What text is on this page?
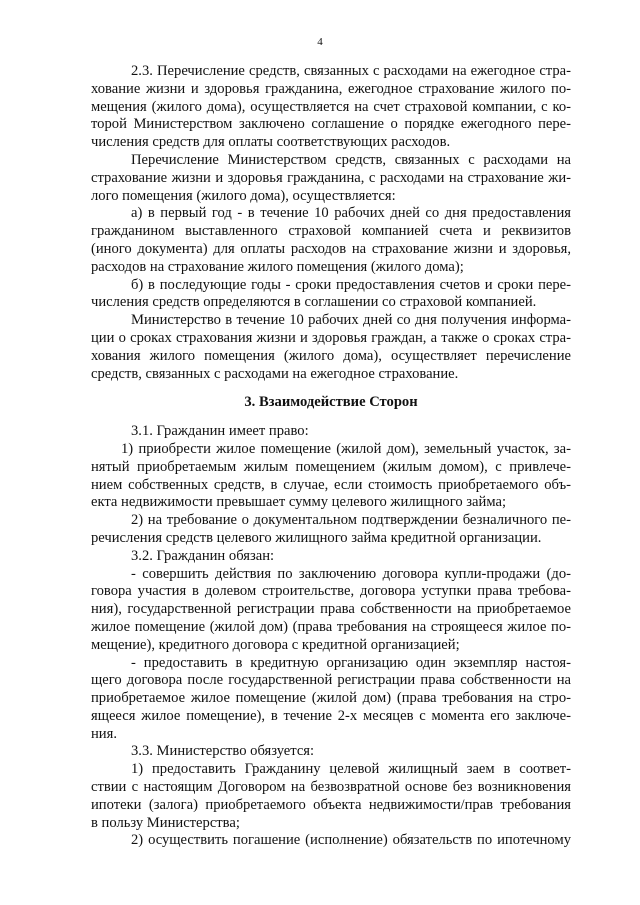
4
2.3. Перечисление средств, связанных с расходами на ежегодное стра-
хование жизни и здоровья гражданина, ежегодное страхование жилого по-
мещения (жилого дома), осуществляется на счет страховой компании, с ко-
торой Министерством заключено соглашение о порядке ежегодного пере-
числения средств для оплаты соответствующих расходов.
Перечисление Министерством средств, связанных с расходами на
страхование жизни и здоровья гражданина, с расходами на страхование жи-
лого помещения (жилого дома), осуществляется:
а) в первый год - в течение 10 рабочих дней со дня предоставления
гражданином выставленного страховой компанией счета и реквизитов
(иного документа) для оплаты расходов на страхование жизни и здоровья,
расходов на страхование жилого помещения (жилого дома);
б) в последующие годы - сроки предоставления счетов и сроки пере-
числения средств определяются в соглашении со страховой компанией.
Министерство в течение 10 рабочих дней со дня получения информа-
ции о сроках страхования жизни и здоровья граждан, а также о сроках стра-
хования жилого помещения (жилого дома), осуществляет перечисление
средств, связанных с расходами на ежегодное страхование.
3. Взаимодействие Сторон
3.1. Гражданин имеет право:
1) приобрести жилое помещение (жилой дом), земельный участок, за-
нятый приобретаемым жилым помещением (жилым домом), с привлече-
нием собственных средств, в случае, если стоимость приобретаемого объ-
екта недвижимости превышает сумму целевого жилищного займа;
2) на требование о документальном подтверждении безналичного пе-
речисления средств целевого жилищного займа кредитной организации.
3.2. Гражданин обязан:
- совершить действия по заключению договора купли-продажи (до-
говора участия в долевом строительстве, договора уступки права требова-
ния), государственной регистрации права собственности на приобретаемое
жилое помещение (жилой дом) (права требования на строящееся жилое по-
мещение), кредитного договора с кредитной организацией;
- предоставить в кредитную организацию один экземпляр настоя-
щего договора после государственной регистрации права собственности на
приобретаемое жилое помещение (жилой дом) (права требования на стро-
ящееся жилое помещение), в течение 2-х месяцев с момента его заключе-
ния.
3.3. Министерство обязуется:
1) предоставить Гражданину целевой жилищный заем в соответ-
ствии с настоящим Договором на безвозвратной основе без возникновения
ипотеки (залога) приобретаемого объекта недвижимости/прав требования
в пользу Министерства;
2) осуществить погашение (исполнение) обязательств по ипотечному
